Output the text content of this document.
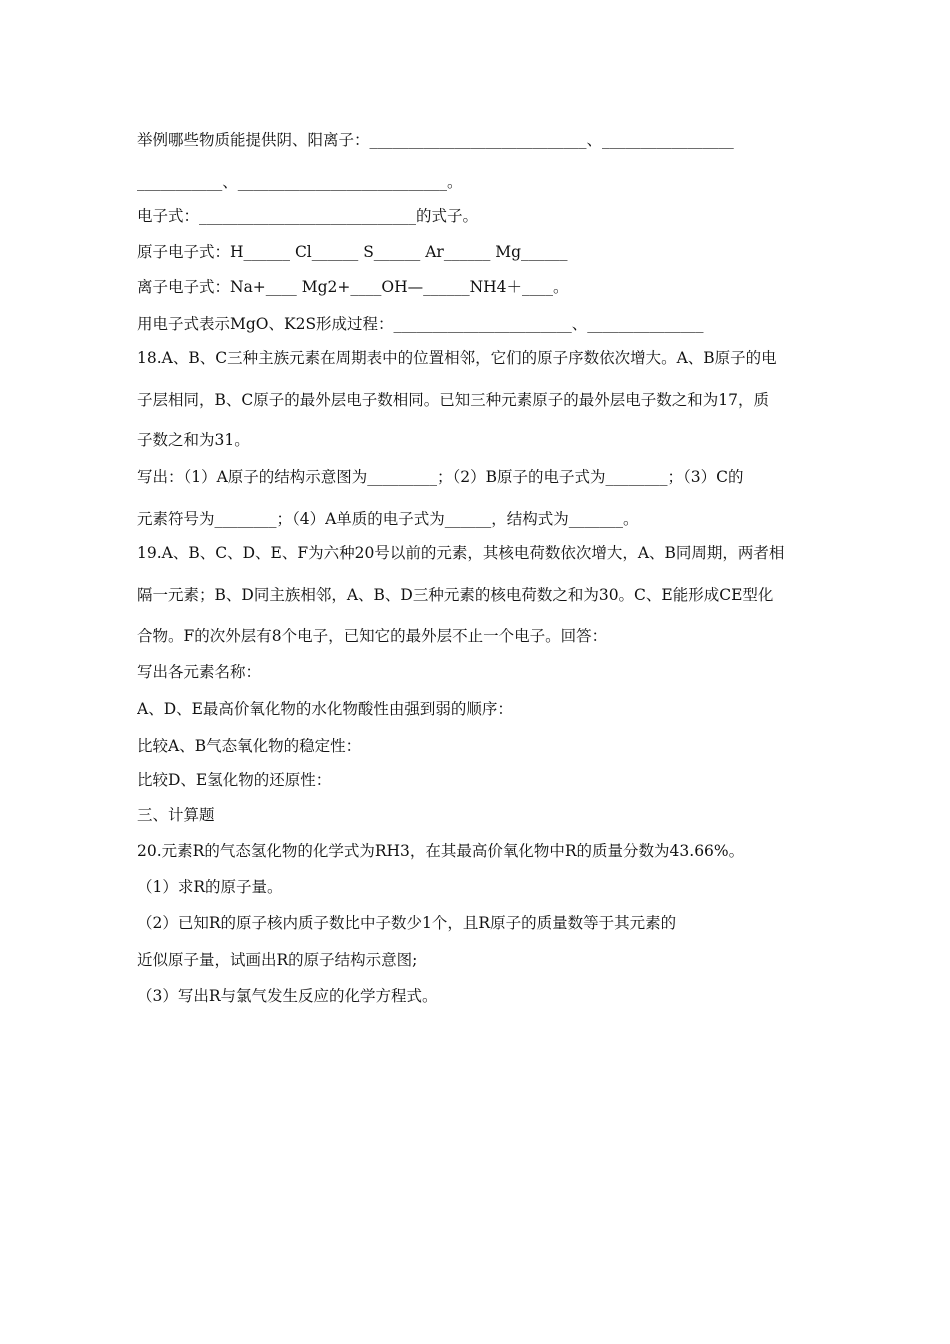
举例哪些物质能提供阴、阳离子：____________________________、_________________

___________、___________________________。

电子式：____________________________的式子。

原子电子式：H______ Cl______ S______ Ar______ Mg______

离子电子式：Na+____ Mg2+____OH—______NH4＋____。

用电子式表示MgO、K2S形成过程：_______________________、_______________

18.A、B、C三种主族元素在周期表中的位置相邻，它们的原子序数依次增大。A、B原子的电

子层相同，B、C原子的最外层电子数相同。已知三种元素原子的最外层电子数之和为17，质

子数之和为31。

写出：（1）A原子的结构示意图为_________；（2）B原子的电子式为________；（3）C的

元素符号为________；（4）A单质的电子式为______，结构式为_______。

19.A、B、C、D、E、F为六种20号以前的元素，其核电荷数依次增大，A、B同周期，两者相

隔一元素；B、D同主族相邻，A、B、D三种元素的核电荷数之和为30。C、E能形成CE型化

合物。F的次外层有8个电子，已知它的最外层不止一个电子。回答：

写出各元素名称：

A、D、E最高价氧化物的水化物酸性由强到弱的顺序：

比较A、B气态氧化物的稳定性：

比较D、E氢化物的还原性：

三、计算题

20.元素R的气态氢化物的化学式为RH3，在其最高价氧化物中R的质量分数为43.66%。

（1）求R的原子量。

（2）已知R的原子核内质子数比中子数少1个，且R原子的质量数等于其元素的

近似原子量，试画出R的原子结构示意图;

（3）写出R与氯气发生反应的化学方程式。
